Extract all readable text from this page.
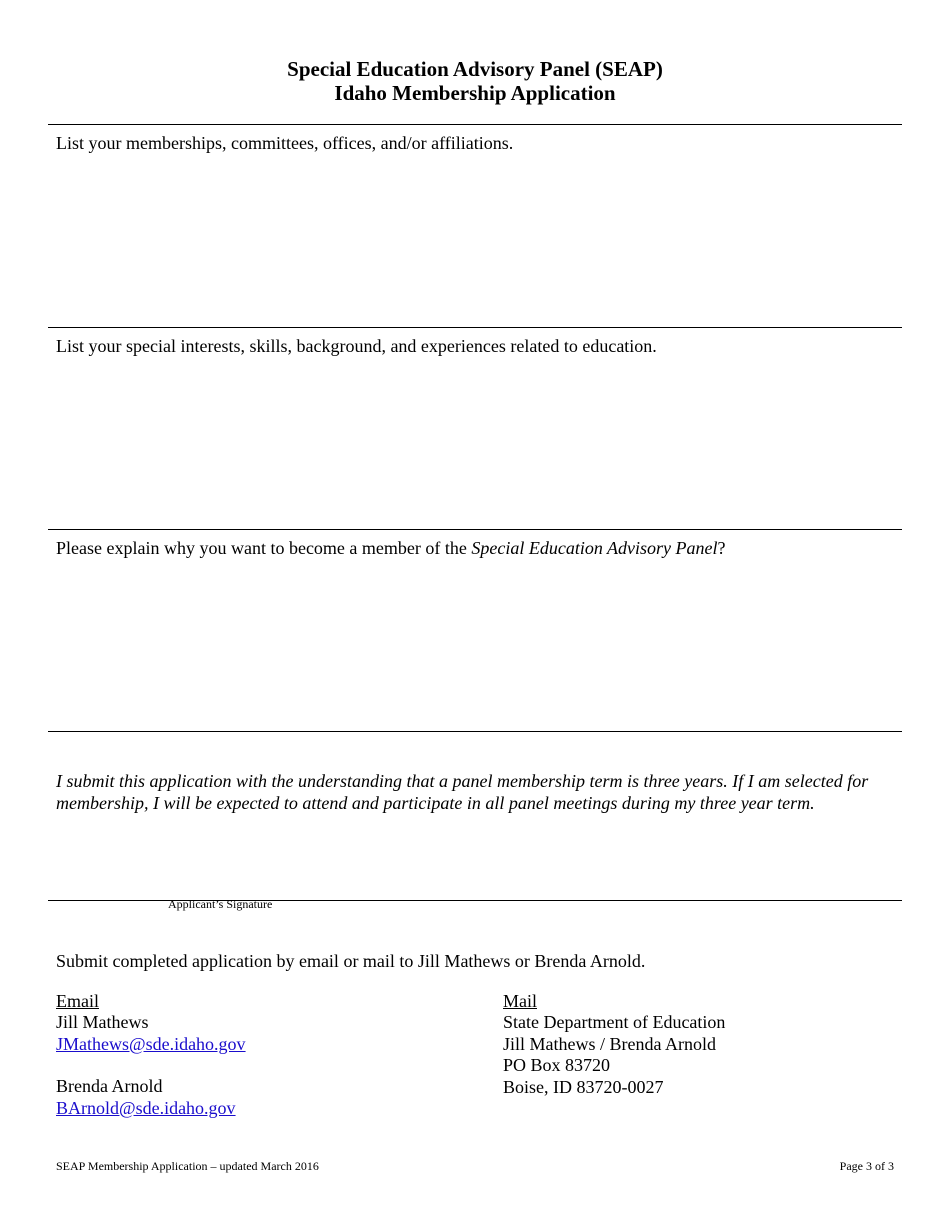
Special Education Advisory Panel (SEAP)
Idaho Membership Application
List your memberships, committees, offices, and/or affiliations.
List your special interests, skills, background, and experiences related to education.
Please explain why you want to become a member of the Special Education Advisory Panel?
I submit this application with the understanding that a panel membership term is three years. If I am selected for membership, I will be expected to attend and participate in all panel meetings during my three year term.
Applicant’s Signature
Submit completed application by email or mail to Jill Mathews or Brenda Arnold.
Email
Jill Mathews
JMathews@sde.idaho.gov
Brenda Arnold
BArnold@sde.idaho.gov
Mail
State Department of Education
Jill Mathews / Brenda Arnold
PO Box 83720
Boise, ID 83720-0027
SEAP Membership Application – updated March 2016	Page 3 of 3
